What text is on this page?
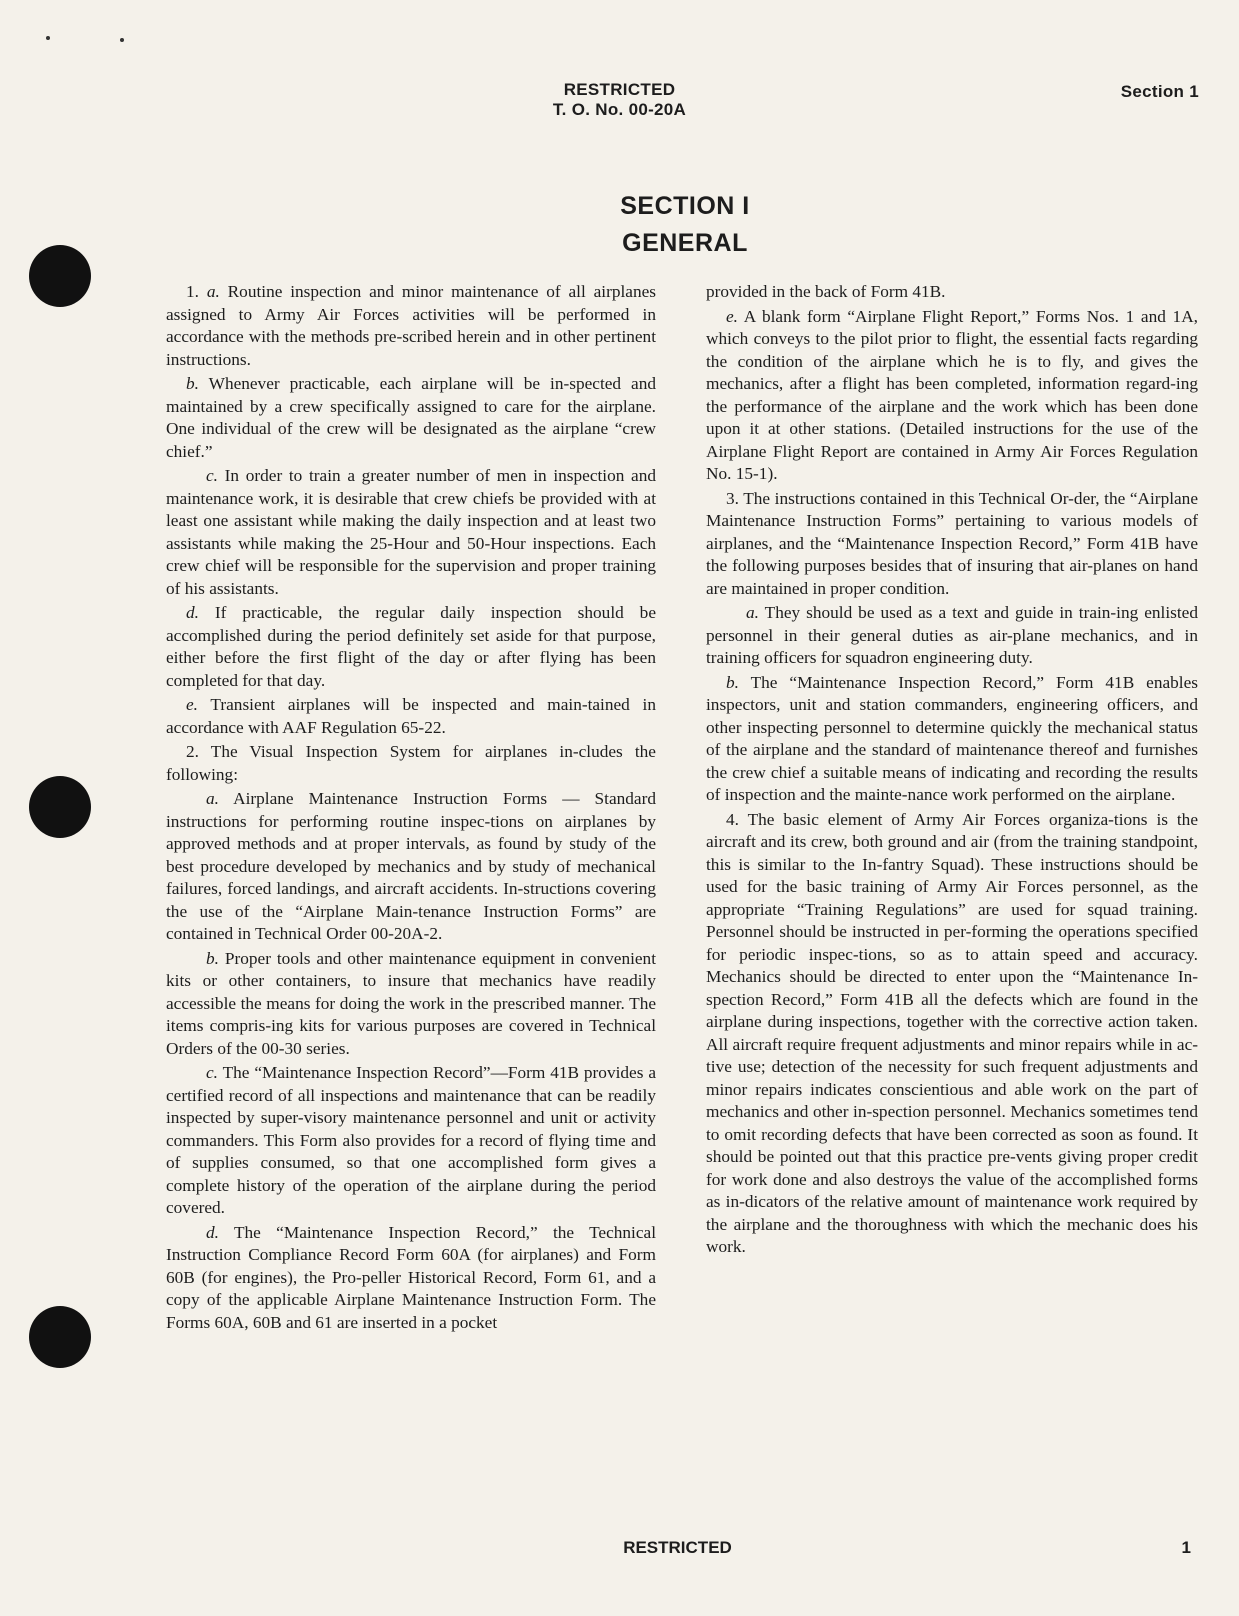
RESTRICTED
T. O. No. 00-20A
Section 1
SECTION I
GENERAL

1. a. Routine inspection and minor maintenance of all airplanes assigned to Army Air Forces activities will be performed in accordance with the methods pre-scribed herein and in other pertinent instructions.

b. Whenever practicable, each airplane will be in-spected and maintained by a crew specifically assigned to care for the airplane. One individual of the crew will be designated as the airplane “crew chief.”

c. In order to train a greater number of men in inspection and maintenance work, it is desirable that crew chiefs be provided with at least one assistant while making the daily inspection and at least two assistants while making the 25-Hour and 50-Hour inspections. Each crew chief will be responsible for the supervision and proper training of his assistants.

d. If practicable, the regular daily inspection should be accomplished during the period definitely set aside for that purpose, either before the first flight of the day or after flying has been completed for that day.

e. Transient airplanes will be inspected and main-tained in accordance with AAF Regulation 65-22.

2. The Visual Inspection System for airplanes in-cludes the following:

a. Airplane Maintenance Instruction Forms — Standard instructions for performing routine inspec-tions on airplanes by approved methods and at proper intervals, as found by study of the best procedure developed by mechanics and by study of mechanical failures, forced landings, and aircraft accidents. In-structions covering the use of the “Airplane Main-tenance Instruction Forms” are contained in Technical Order 00-20A-2.

b. Proper tools and other maintenance equipment in convenient kits or other containers, to insure that mechanics have readily accessible the means for doing the work in the prescribed manner. The items compris-ing kits for various purposes are covered in Technical Orders of the 00-30 series.

c. The “Maintenance Inspection Record”—Form 41B provides a certified record of all inspections and maintenance that can be readily inspected by super-visory maintenance personnel and unit or activity commanders. This Form also provides for a record of flying time and of supplies consumed, so that one accomplished form gives a complete history of the operation of the airplane during the period covered.

d. The “Maintenance Inspection Record,” the Technical Instruction Compliance Record Form 60A (for airplanes) and Form 60B (for engines), the Pro-peller Historical Record, Form 61, and a copy of the applicable Airplane Maintenance Instruction Form. The Forms 60A, 60B and 61 are inserted in a pocket

provided in the back of Form 41B.

e. A blank form “Airplane Flight Report,” Forms Nos. 1 and 1A, which conveys to the pilot prior to flight, the essential facts regarding the condition of the airplane which he is to fly, and gives the mechanics, after a flight has been completed, information regard-ing the performance of the airplane and the work which has been done upon it at other stations. (Detailed instructions for the use of the Airplane Flight Report are contained in Army Air Forces Regulation No. 15-1).

3. The instructions contained in this Technical Or-der, the “Airplane Maintenance Instruction Forms” pertaining to various models of airplanes, and the “Maintenance Inspection Record,” Form 41B have the following purposes besides that of insuring that air-planes on hand are maintained in proper condition.

a. They should be used as a text and guide in train-ing enlisted personnel in their general duties as air-plane mechanics, and in training officers for squadron engineering duty.

b. The “Maintenance Inspection Record,” Form 41B enables inspectors, unit and station commanders, engineering officers, and other inspecting personnel to determine quickly the mechanical status of the airplane and the standard of maintenance thereof and furnishes the crew chief a suitable means of indicating and recording the results of inspection and the mainte-nance work performed on the airplane.

4. The basic element of Army Air Forces organiza-tions is the aircraft and its crew, both ground and air (from the training standpoint, this is similar to the In-fantry Squad). These instructions should be used for the basic training of Army Air Forces personnel, as the appropriate “Training Regulations” are used for squad training. Personnel should be instructed in per-forming the operations specified for periodic inspec-tions, so as to attain speed and accuracy. Mechanics should be directed to enter upon the “Maintenance In-spection Record,” Form 41B all the defects which are found in the airplane during inspections, together with the corrective action taken. All aircraft require frequent adjustments and minor repairs while in ac-tive use; detection of the necessity for such frequent adjustments and minor repairs indicates conscientious and able work on the part of mechanics and other in-spection personnel. Mechanics sometimes tend to omit recording defects that have been corrected as soon as found. It should be pointed out that this practice pre-vents giving proper credit for work done and also destroys the value of the accomplished forms as in-dicators of the relative amount of maintenance work required by the airplane and the thoroughness with which the mechanic does his work.

RESTRICTED	1
